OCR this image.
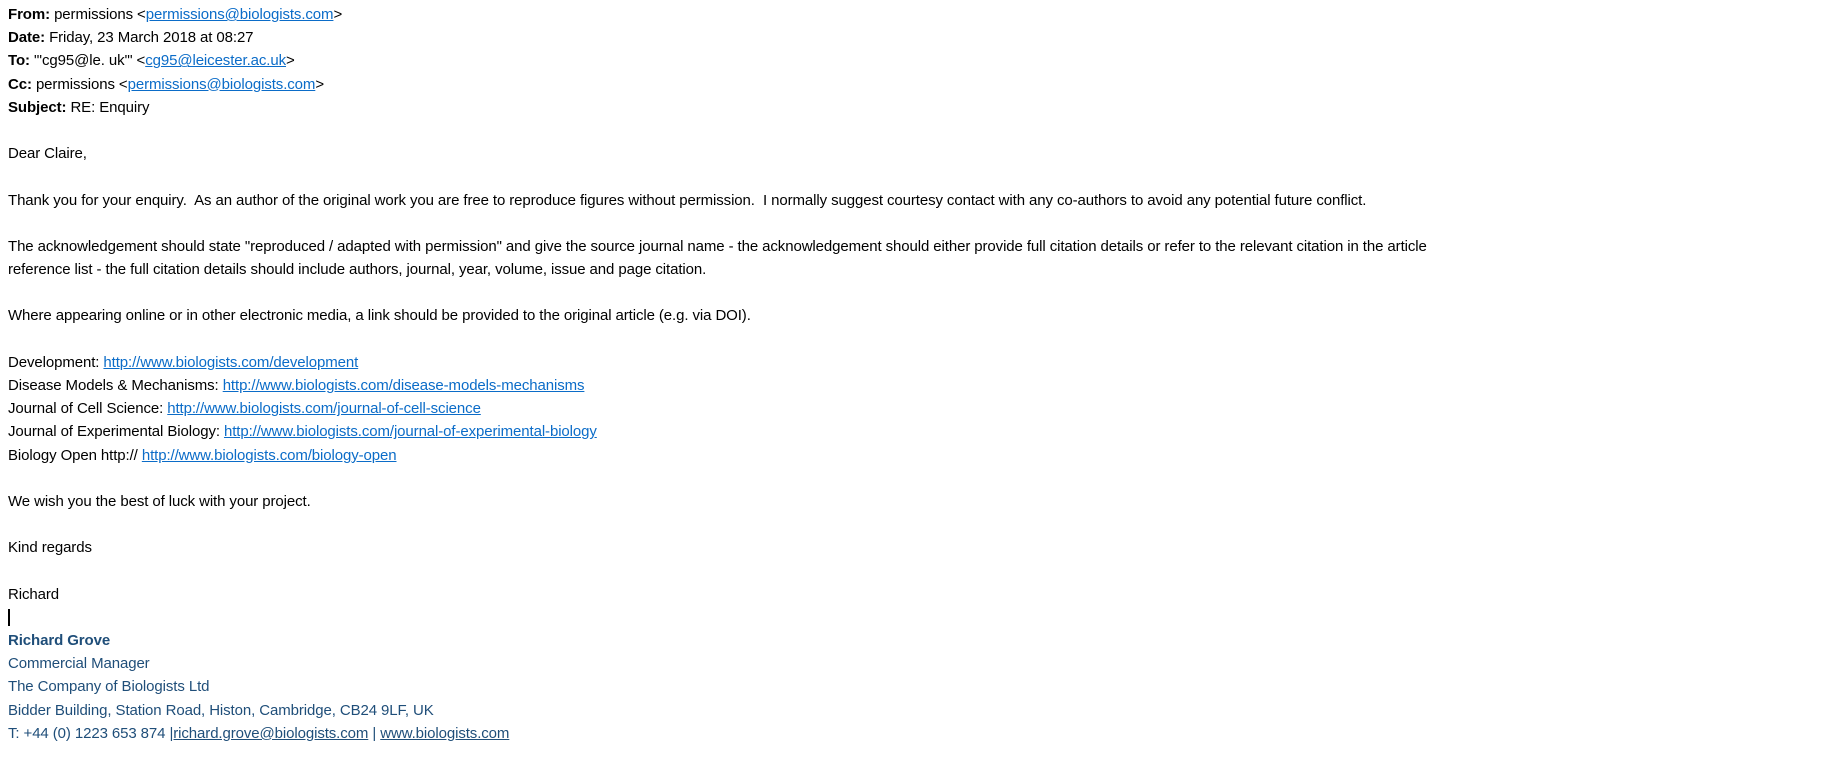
From: permissions <permissions@biologists.com>
Date: Friday, 23 March 2018 at 08:27
To: "'cg95@le. uk'" <cg95@leicester.ac.uk>
Cc: permissions <permissions@biologists.com>
Subject: RE: Enquiry
Dear Claire,
Thank you for your enquiry.  As an author of the original work you are free to reproduce figures without permission.  I normally suggest courtesy contact with any co-authors to avoid any potential future conflict.
The acknowledgement should state "reproduced / adapted with permission" and give the source journal name - the acknowledgement should either provide full citation details or refer to the relevant citation in the article
reference list - the full citation details should include authors, journal, year, volume, issue and page citation.
Where appearing online or in other electronic media, a link should be provided to the original article (e.g. via DOI).
Development: http://www.biologists.com/development
Disease Models & Mechanisms: http://www.biologists.com/disease-models-mechanisms
Journal of Cell Science: http://www.biologists.com/journal-of-cell-science
Journal of Experimental Biology: http://www.biologists.com/journal-of-experimental-biology
Biology Open http:// http://www.biologists.com/biology-open
We wish you the best of luck with your project.
Kind regards
Richard
Richard Grove
Commercial Manager
The Company of Biologists Ltd
Bidder Building, Station Road, Histon, Cambridge, CB24 9LF, UK
T: +44 (0) 1223 653 874 |richard.grove@biologists.com | www.biologists.com
